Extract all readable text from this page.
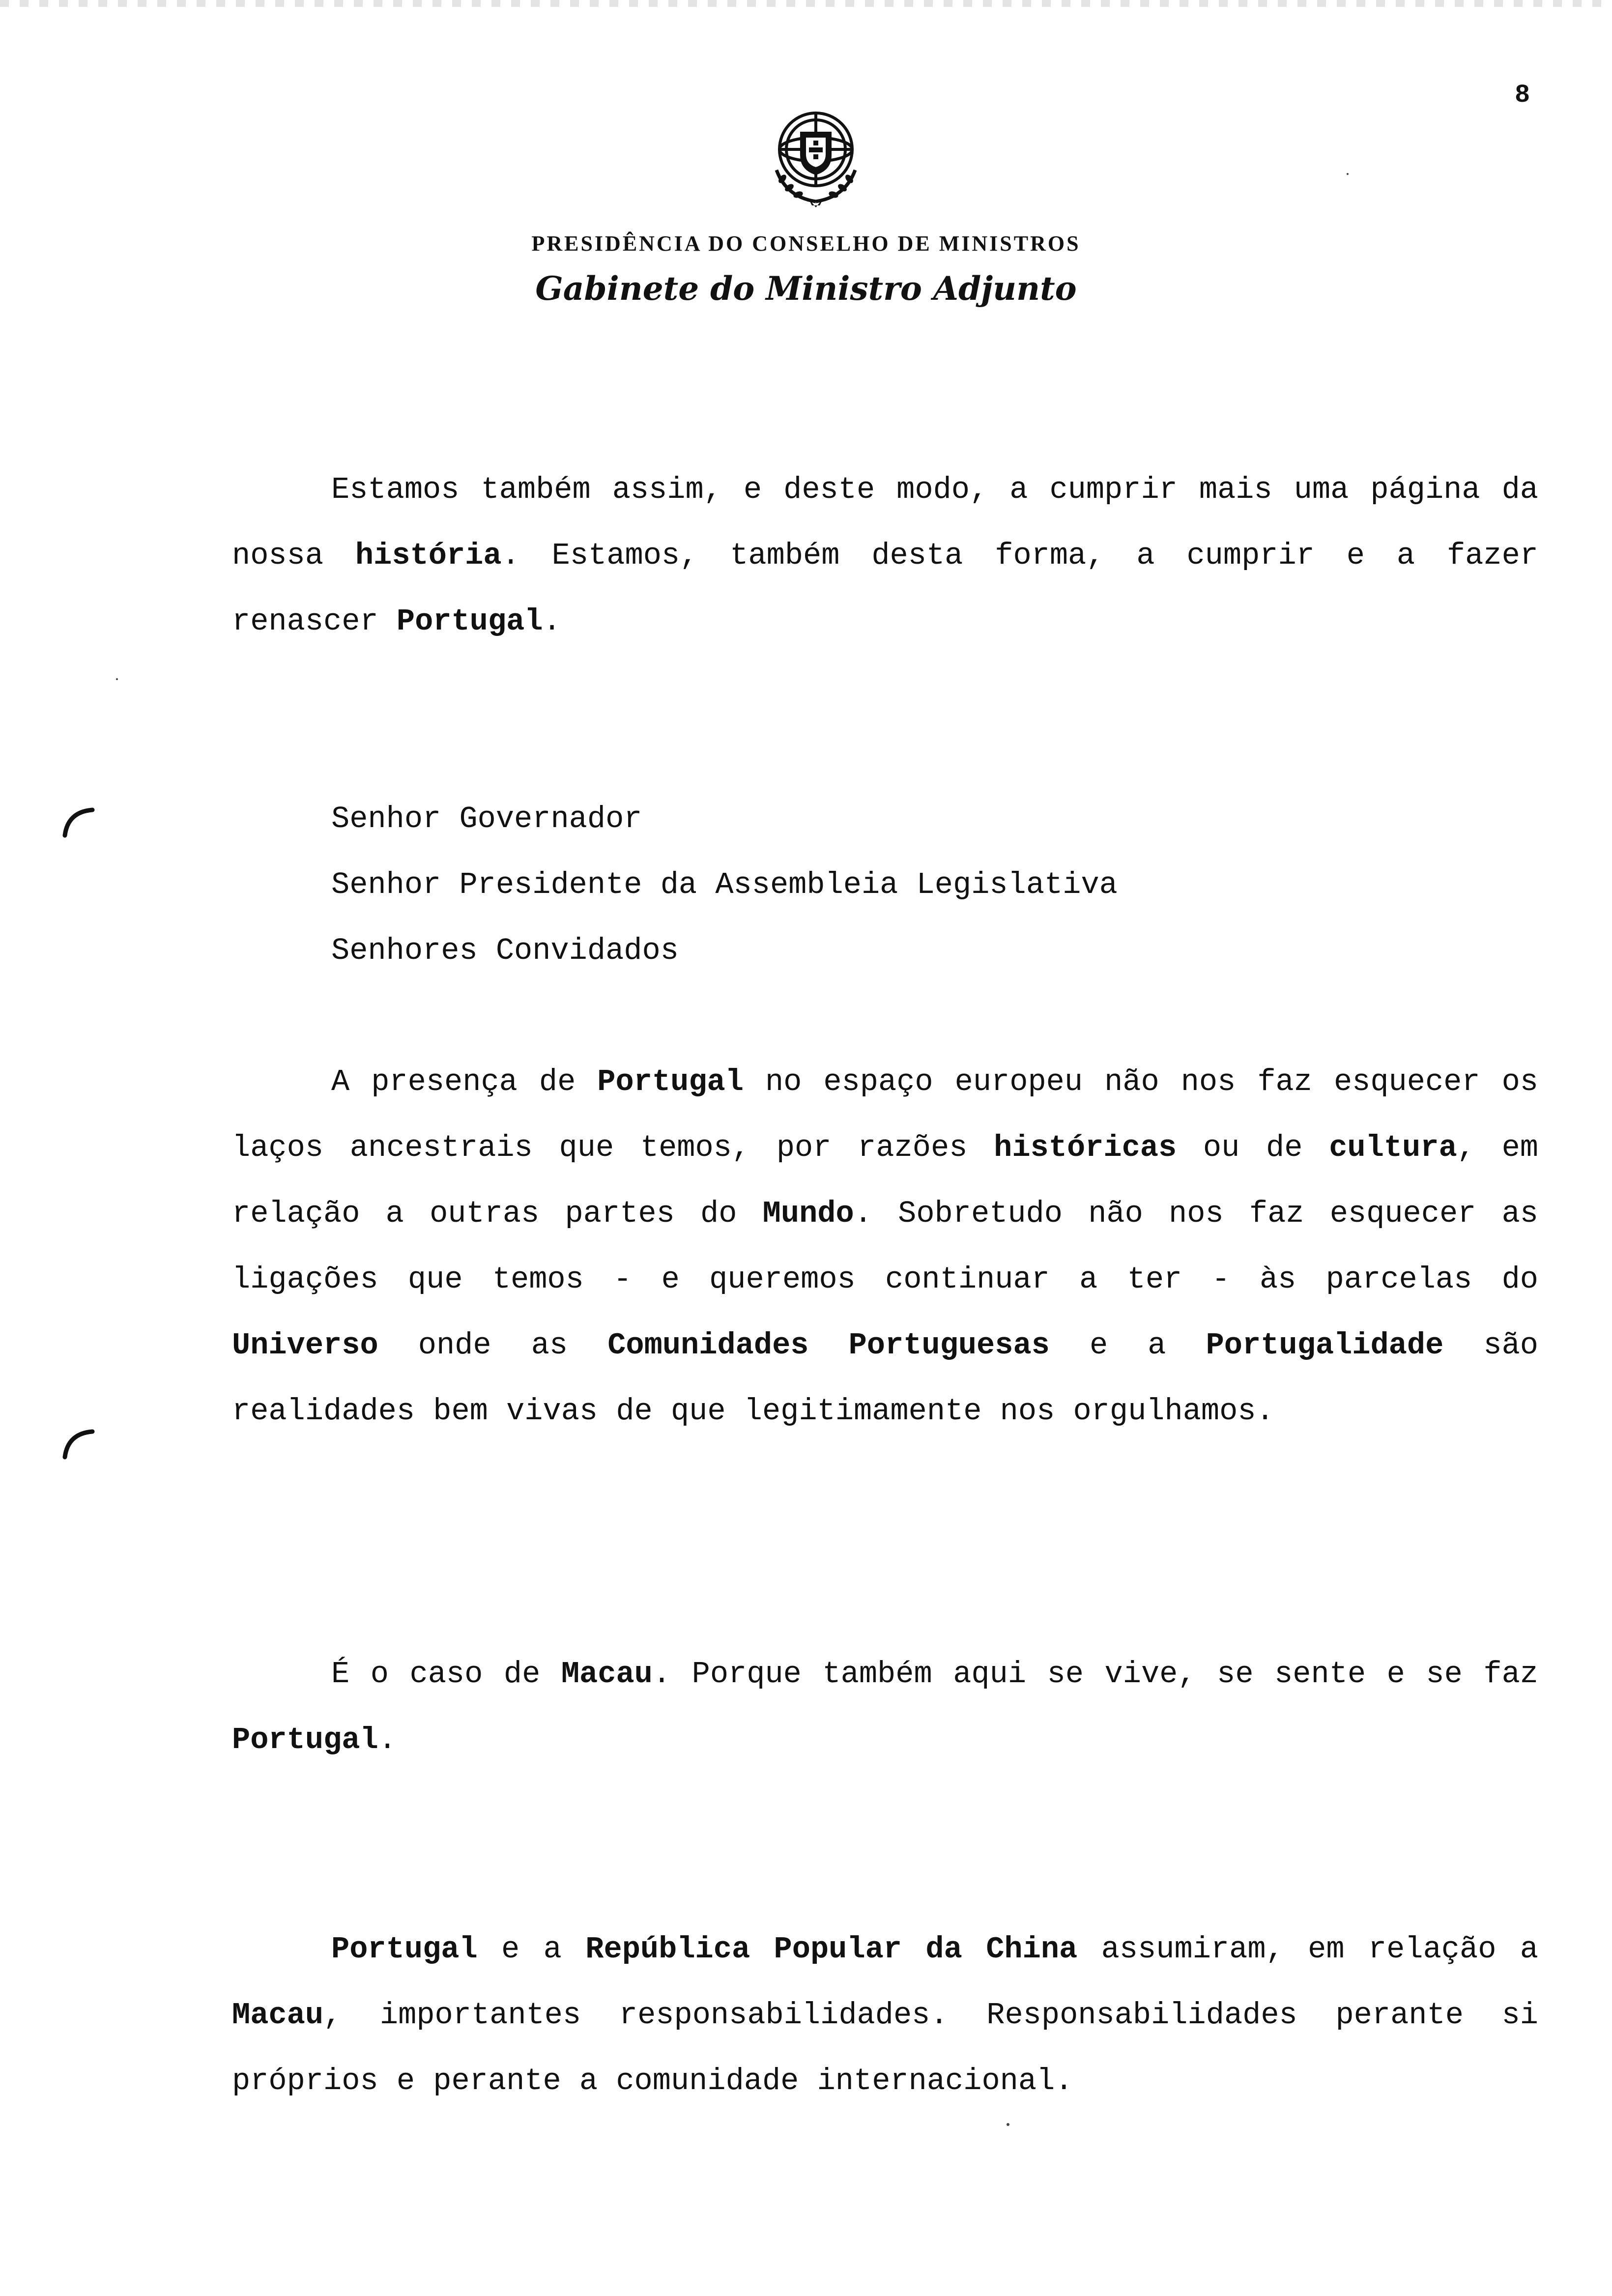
8
PRESIDÊNCIA DO CONSELHO DE MINISTROS
Gabinete do Ministro Adjunto

Estamos também assim, e deste modo, a cumprir mais uma página da nossa história. Estamos, também desta forma, a cumprir e a fazer renascer Portugal.

Senhor Governador
Senhor Presidente da Assembleia Legislativa
Senhores Convidados

A presença de Portugal no espaço europeu não nos faz esquecer os laços ancestrais que temos, por razões históricas ou de cultura, em relação a outras partes do Mundo. Sobretudo não nos faz esquecer as ligações que temos - e queremos continuar a ter - às parcelas do Universo onde as Comunidades Portuguesas e a Portugalidade são realidades bem vivas de que legitimamente nos orgulhamos.

É o caso de Macau. Porque também aqui se vive, se sente e se faz Portugal.

Portugal e a República Popular da China assumiram, em relação a Macau, importantes responsabilidades. Responsabilidades perante si próprios e perante a comunidade internacional.
